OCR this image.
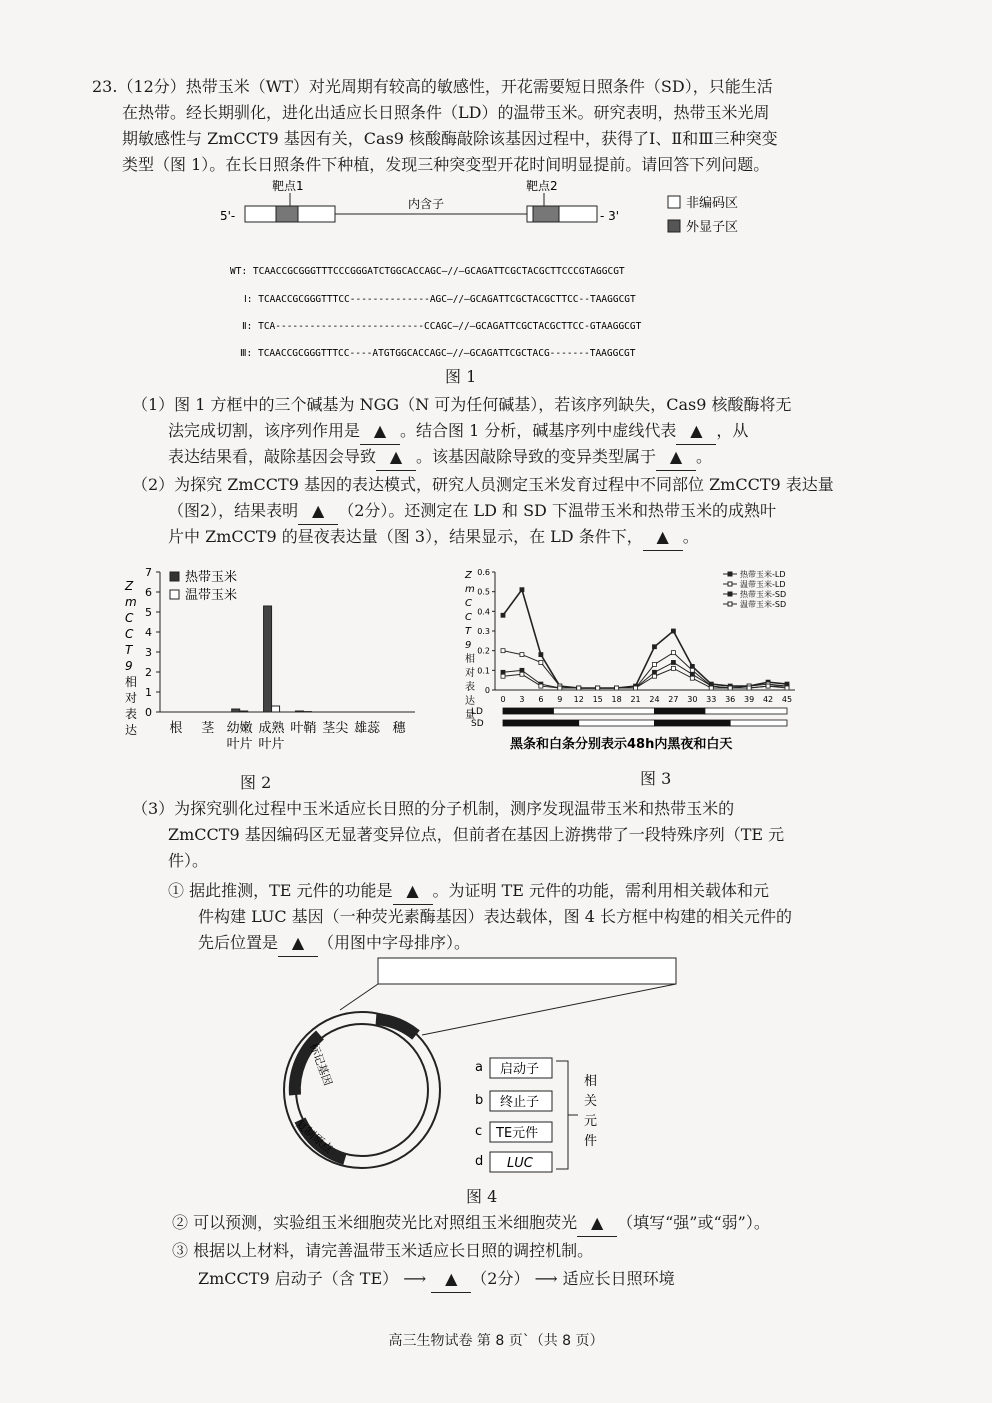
23.（12分）热带玉米（WT）对光周期有较高的敏感性，开花需要短日照条件（SD），只能生活

在热带。经长期驯化，进化出适应长日照条件（LD）的温带玉米。研究表明，热带玉米光周

期敏感性与 ZmCCT9 基因有关，Cas9 核酸酶敲除该基因过程中，获得了Ⅰ、Ⅱ和Ⅲ三种突变

类型（图 1）。在长日照条件下种植，发现三种突变型开花时间明显提前。请回答下列问题。

靶点1	靶点2
5'-
内含子
- 3'
非编码区
外显子区
WT: TCAACCGCGGGTTTCCCGGGATCTGGCACCAGC—//—GCAGATTCGCTACGCTTCCCGTAGGCGT
Ⅰ: TCAACCGCGGGTTTCC--------------AGC—//—GCAGATTCGCTACGCTTCC--TAAGGCGT
Ⅱ: TCA--------------------------CCAGC—//—GCAGATTCGCTACGCTTCC-GTAAGGCGT
Ⅲ: TCAACCGCGGGTTTCC----ATGTGGCACCAGC—//—GCAGATTCGCTACG-------TAAGGCGT
图 1

（1）图 1 方框中的三个碱基为 NGG（N 可为任何碱基），若该序列缺失，Cas9 核酸酶将无

法完成切割，该序列作用是 ▲ 。结合图 1 分析，碱基序列中虚线代表 ▲ ，从

表达结果看，敲除基因会导致 ▲ 。该基因敲除导致的变异类型属于 ▲ 。

（2）为探究 ZmCCT9 基因的表达模式，研究人员测定玉米发育过程中不同部位 ZmCCT9 表达量

（图2），结果表明 ▲ （2分）。还测定在 LD 和 SD 下温带玉米和热带玉米的成熟叶

片中 ZmCCT9 的昼夜表达量（图 3），结果显示，在 LD 条件下， ▲ 。

0
1
2
3
4
5
6
7
Z
m
C
C
T
9
相
对
表
达 根 茎 幼嫩
叶片
成熟
叶片
叶鞘 茎尖 雄蕊 穗
热带玉米
温带玉米
图 2
0
0.1
0.2
0.3
0.4
0.5
0.6
0 3 6 9 12 15 18 21 24 27 30 33 36 39 42 45
Z
m
C
C
T
9
相
对
表
达
量
热带玉米-LD
温带玉米-LD
热带玉米-SD
温带玉米-SD
LD
SD
黑条和白条分别表示48h内黑夜和白天
图 3

（3）为探究驯化过程中玉米适应长日照的分子机制，测序发现温带玉米和热带玉米的

ZmCCT9 基因编码区无显著变异位点，但前者在基因上游携带了一段特殊序列（TE 元

件）。

① 据此推测，TE 元件的功能是 ▲ 。为证明 TE 元件的功能，需利用相关载体和元

件构建 LUC 基因（一种荧光素酶基因）表达载体，图 4 长方框中构建的相关元件的

先后位置是 ▲ （用图中字母排序）。

标记基因
复制原点
a 启动子
b 终止子
c TE元件
d LUC
相
关
元
件
图 4

② 可以预测，实验组玉米细胞荧光比对照组玉米细胞荧光 ▲ （填写“强”或“弱”）。

③ 根据以上材料，请完善温带玉米适应长日照的调控机制。

ZmCCT9 启动子（含 TE） ⟶ ▲ （2分） ⟶ 适应长日照环境

高三生物试卷 第 8 页`（共 8 页）
